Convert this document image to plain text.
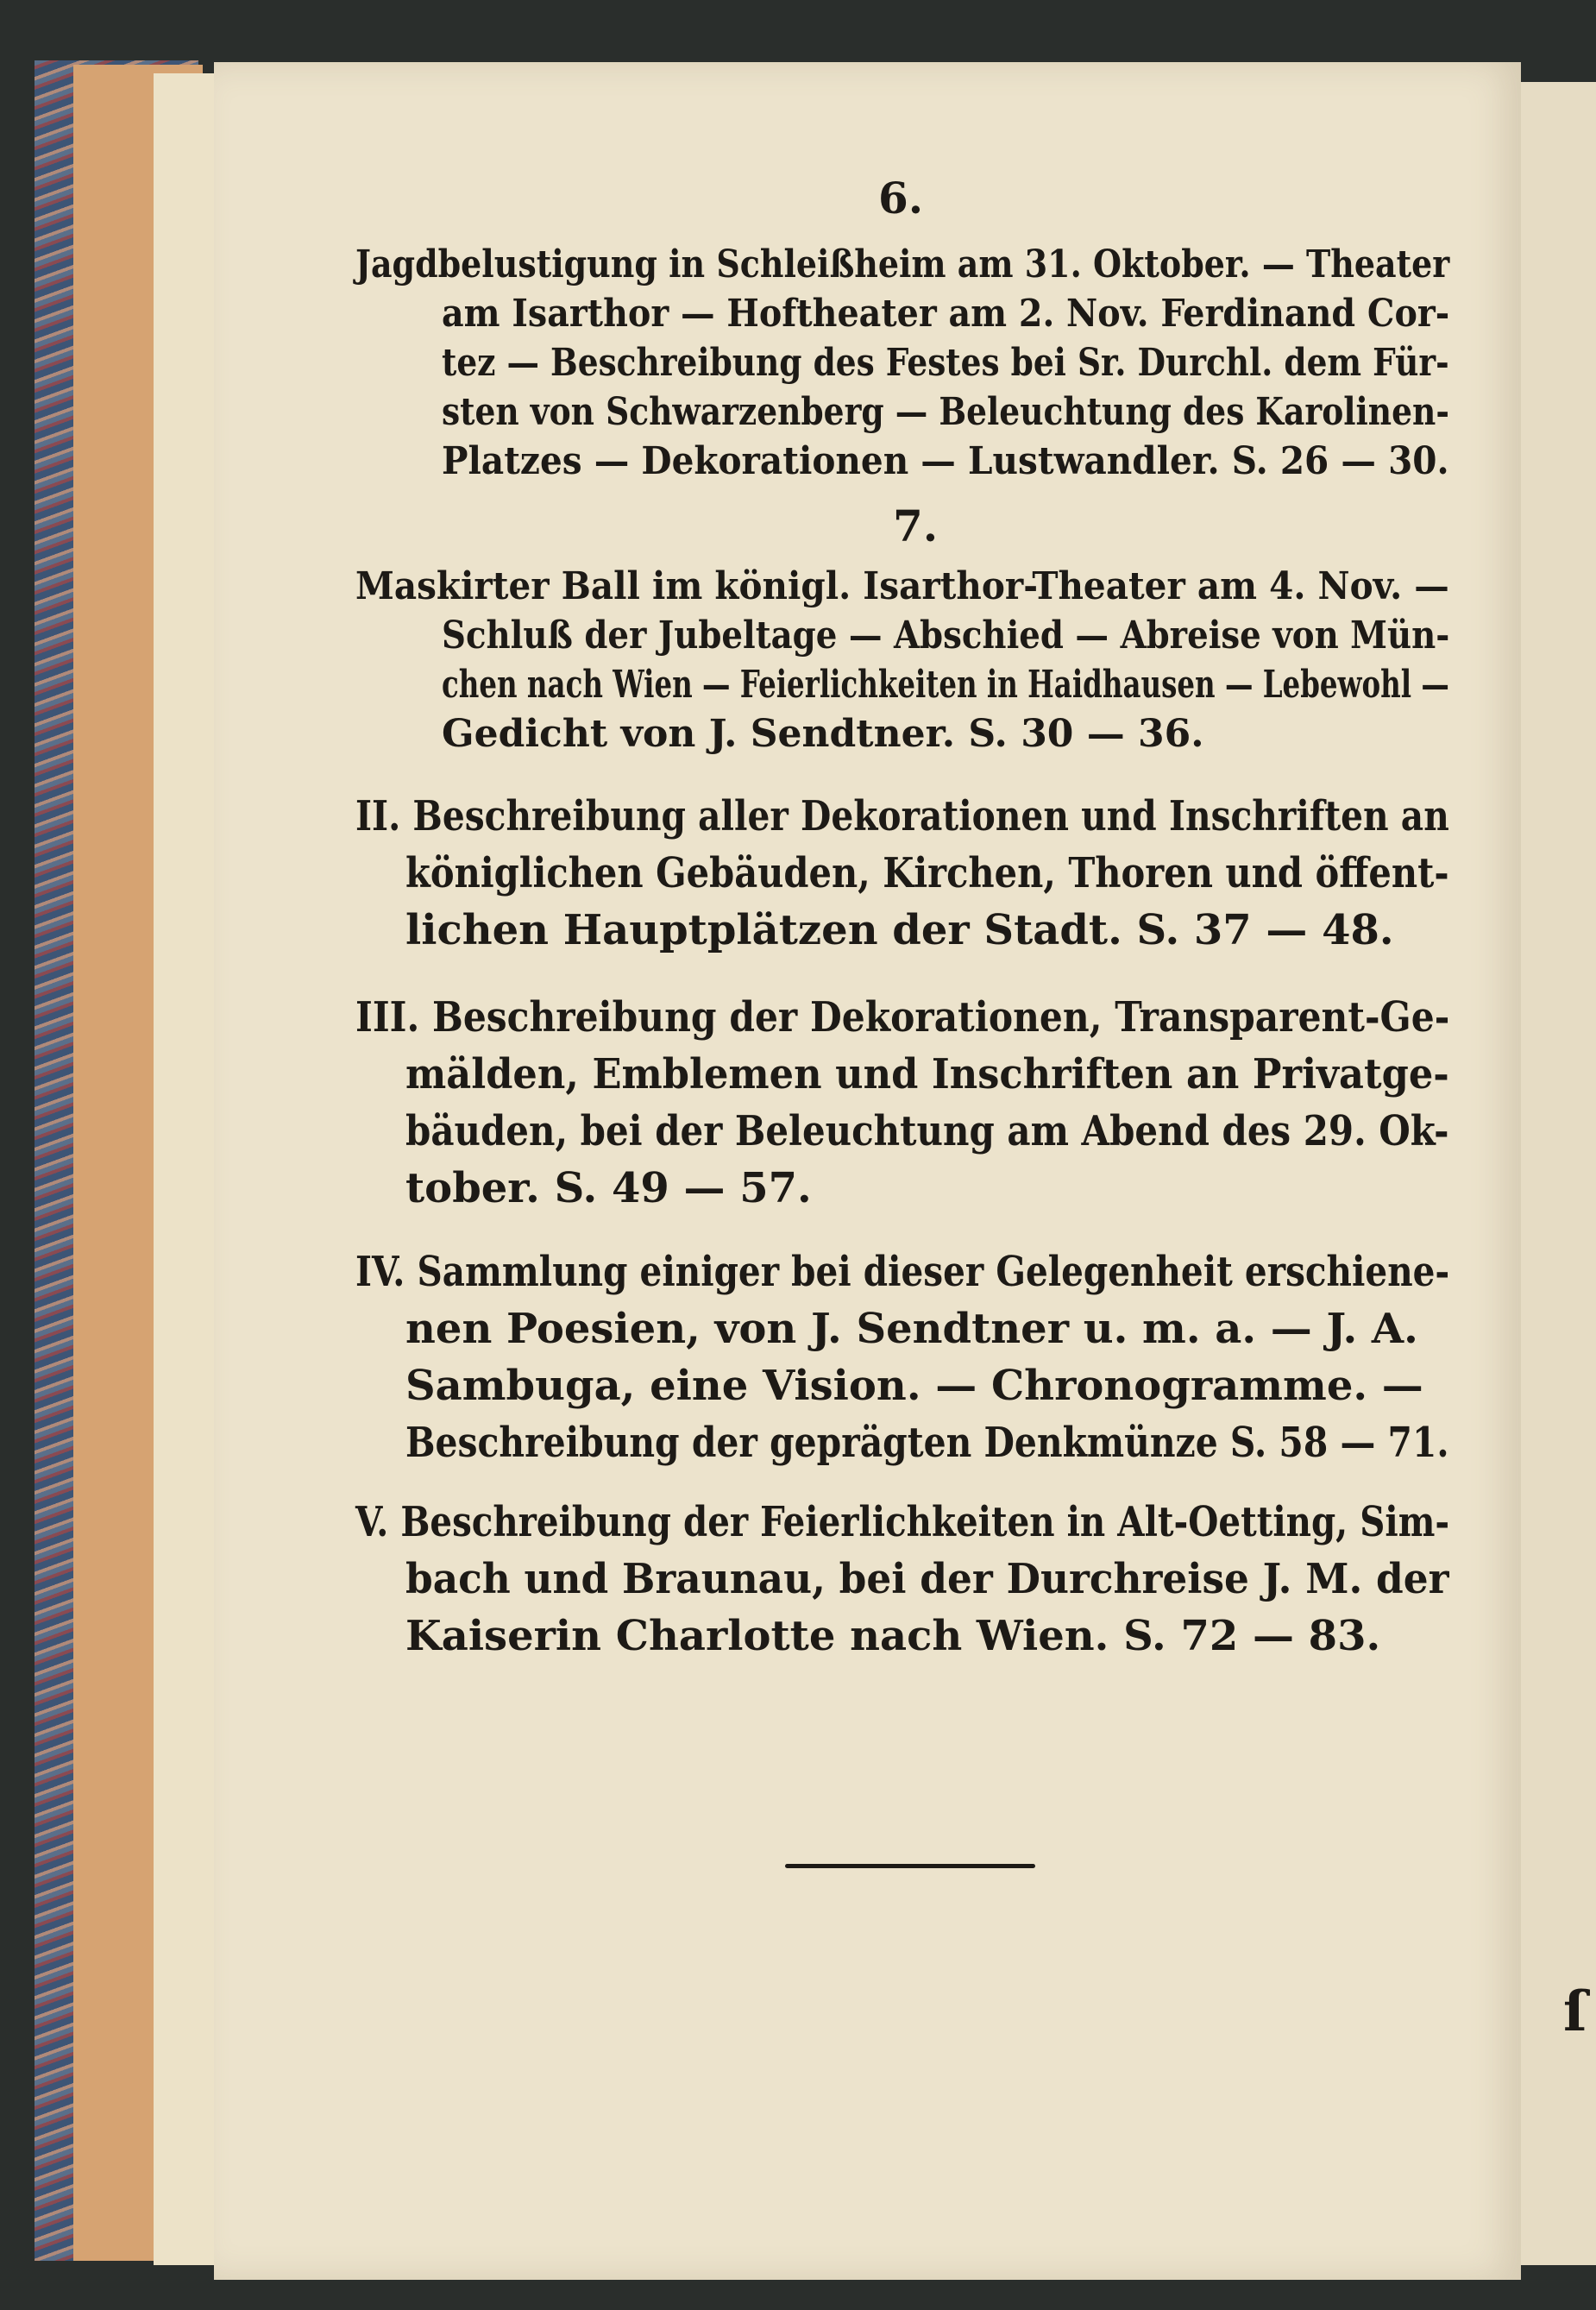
6.
Jagdbelustigung in Schleißheim am 31. Oktober. — Theater
am Isarthor — Hoftheater am 2. Nov. Ferdinand Cor-
tez — Beschreibung des Festes bei Sr. Durchl. dem Für-
sten von Schwarzenberg — Beleuchtung des Karolinen-
Platzes — Dekorationen — Lustwandler. S. 26 — 30.
7.
Maskirter Ball im königl. Isarthor-Theater am 4. Nov. —
Schluß der Jubeltage — Abschied — Abreise von Mün-
chen nach Wien — Feierlichkeiten in Haidhausen — Lebewohl —
Gedicht von J. Sendtner. S. 30 — 36.
II. Beschreibung aller Dekorationen und Inschriften an
königlichen Gebäuden, Kirchen, Thoren und öffent-
lichen Hauptplätzen der Stadt. S. 37 — 48.
III. Beschreibung der Dekorationen, Transparent-Ge-
mälden, Emblemen und Inschriften an Privatge-
bäuden, bei der Beleuchtung am Abend des 29. Ok-
tober. S. 49 — 57.
IV. Sammlung einiger bei dieser Gelegenheit erschiene-
nen Poesien, von J. Sendtner u. m. a. — J. A.
Sambuga, eine Vision. — Chronogramme. —
Beschreibung der geprägten Denkmünze S. 58 — 71.
V. Beschreibung der Feierlichkeiten in Alt-Oetting, Sim-
bach und Braunau, bei der Durchreise J. M. der
Kaiserin Charlotte nach Wien. S. 72 — 83.
ſ
